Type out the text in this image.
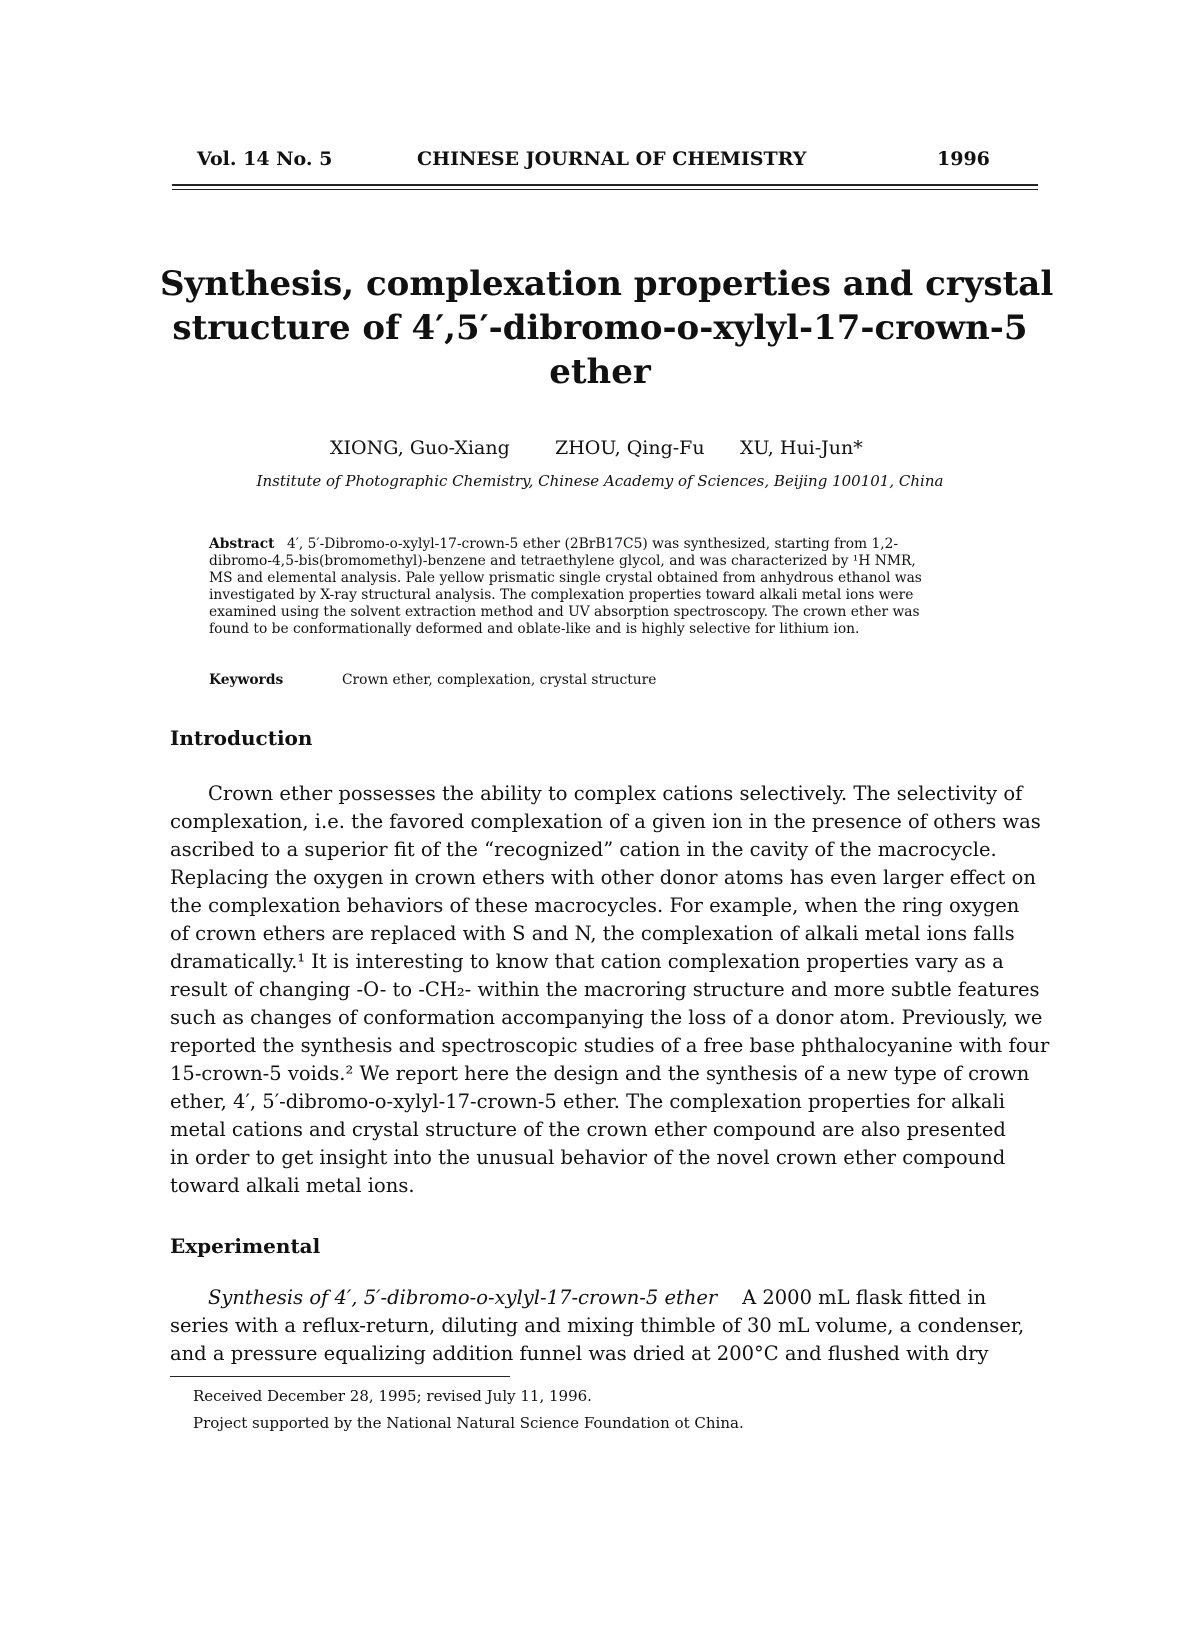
Vol. 14 No. 5	CHINESE JOURNAL OF CHEMISTRY	1996
Synthesis, complexation properties and crystal
structure of 4′,5′-dibromo-o-xylyl-17-crown-5
ether
XIONG, Guo-Xiang ZHOU, Qing-Fu XU, Hui-Jun*
Institute of Photographic Chemistry, Chinese Academy of Sciences, Beijing 100101, China
Abstract 4′, 5′-Dibromo-o-xylyl-17-crown-5 ether (2BrB17C5) was synthesized, starting from 1,2-
dibromo-4,5-bis(bromomethyl)-benzene and tetraethylene glycol, and was characterized by ¹H NMR,
MS and elemental analysis. Pale yellow prismatic single crystal obtained from anhydrous ethanol was
investigated by X-ray structural analysis. The complexation properties toward alkali metal ions were
examined using the solvent extraction method and UV absorption spectroscopy. The crown ether was
found to be conformationally deformed and oblate-like and is highly selective for lithium ion.
Keywords	Crown ether, complexation, crystal structure
Introduction
Crown ether possesses the ability to complex cations selectively. The selectivity of
complexation, i.e. the favored complexation of a given ion in the presence of others was
ascribed to a superior fit of the “recognized” cation in the cavity of the macrocycle.
Replacing the oxygen in crown ethers with other donor atoms has even larger effect on
the complexation behaviors of these macrocycles. For example, when the ring oxygen
of crown ethers are replaced with S and N, the complexation of alkali metal ions falls
dramatically.¹ It is interesting to know that cation complexation properties vary as a
result of changing -O- to -CH₂- within the macroring structure and more subtle features
such as changes of conformation accompanying the loss of a donor atom. Previously, we
reported the synthesis and spectroscopic studies of a free base phthalocyanine with four
15-crown-5 voids.² We report here the design and the synthesis of a new type of crown
ether, 4′, 5′-dibromo-o-xylyl-17-crown-5 ether. The complexation properties for alkali
metal cations and crystal structure of the crown ether compound are also presented
in order to get insight into the unusual behavior of the novel crown ether compound
toward alkali metal ions.
Experimental
Synthesis of 4′, 5′-dibromo-o-xylyl-17-crown-5 ether A 2000 mL flask fitted in
series with a reflux-return, diluting and mixing thimble of 30 mL volume, a condenser,
and a pressure equalizing addition funnel was dried at 200°C and flushed with dry
Received December 28, 1995; revised July 11, 1996.
Project supported by the National Natural Science Foundation ot China.
